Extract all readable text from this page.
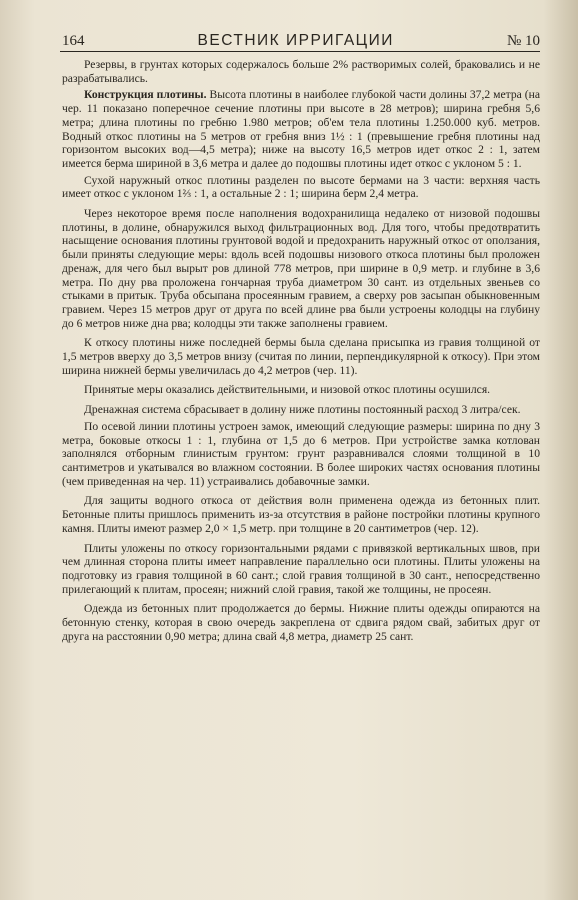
164	ВЕСТНИК ИРРИГАЦИИ	№ 10

Резервы, в грунтах которых содержалось больше 2% растворимых солей, браковались и не разрабатывались.

Конструкция плотины. Высота плотины в наиболее глубокой части долины 37,2 метра (на чер. 11 показано поперечное сечение плотины при высоте в 28 метров); ширина гребня 5,6 метра; длина плотины по гребню 1.980 метров; об'ем тела плотины 1.250.000 куб. метров. Водный откос плотины на 5 метров от гребня вниз 1½ : 1 (превышение гребня плотины над горизонтом высоких вод—4,5 метра); ниже на высоту 16,5 метров идет откос 2 : 1, затем имеется берма шириной в 3,6 метра и далее до подошвы плотины идет откос с уклоном 5 : 1.

Сухой наружный откос плотины разделен по высоте бермами на 3 части: верхняя часть имеет откос с уклоном 1⅔ : 1, а остальные 2 : 1; ширина берм 2,4 метра.

Через некоторое время после наполнения водохранилища недалеко от низовой подошвы плотины, в долине, обнаружился выход фильтрационных вод. Для того, чтобы предотвратить насыщение основания плотины грунтовой водой и предохранить наружный откос от оползания, были приняты следующие меры: вдоль всей подошвы низового откоса плотины был проложен дренаж, для чего был вырыт ров длиной 778 метров, при ширине в 0,9 метр. и глубине в 3,6 метра. По дну рва проложена гончарная труба диаметром 30 сант. из отдельных звеньев со стыками в притык. Труба обсыпана просеянным гравием, а сверху ров засыпан обыкновенным гравием. Через 15 метров друг от друга по всей длине рва были устроены колодцы на глубину до 6 метров ниже дна рва; колодцы эти также заполнены гравием.

К откосу плотины ниже последней бермы была сделана присыпка из гравия толщиной от 1,5 метров вверху до 3,5 метров внизу (считая по линии, перпендикулярной к откосу). При этом ширина нижней бермы увеличилась до 4,2 метров (чер. 11).

Принятые меры оказались действительными, и низовой откос плотины осушился.

Дренажная система сбрасывает в долину ниже плотины постоянный расход 3 литра/сек.

По осевой линии плотины устроен замок, имеющий следующие размеры: ширина по дну 3 метра, боковые откосы 1 : 1, глубина от 1,5 до 6 метров. При устройстве замка котлован заполнялся отборным глинистым грунтом: грунт разравнивался слоями толщиной в 10 сантиметров и укатывался во влажном состоянии. В более широких частях основания плотины (чем приведенная на чер. 11) устраивались добавочные замки.

Для защиты водного откоса от действия волн применена одежда из бетонных плит. Бетонные плиты пришлось применить из-за отсутствия в районе постройки плотины крупного камня. Плиты имеют размер 2,0 × 1,5 метр. при толщине в 20 сантиметров (чер. 12).

Плиты уложены по откосу горизонтальными рядами с привязкой вертикальных швов, при чем длинная сторона плиты имеет направление параллельно оси плотины. Плиты уложены на подготовку из гравия толщиной в 60 сант.; слой гравия толщиной в 30 сант., непосредственно прилегающий к плитам, просеян; нижний слой гравия, такой же толщины, не просеян.

Одежда из бетонных плит продолжается до бермы. Нижние плиты одежды опираются на бетонную стенку, которая в свою очередь закреплена от сдвига рядом свай, забитых друг от друга на расстоянии 0,90 метра; длина свай 4,8 метра, диаметр 25 сант.
